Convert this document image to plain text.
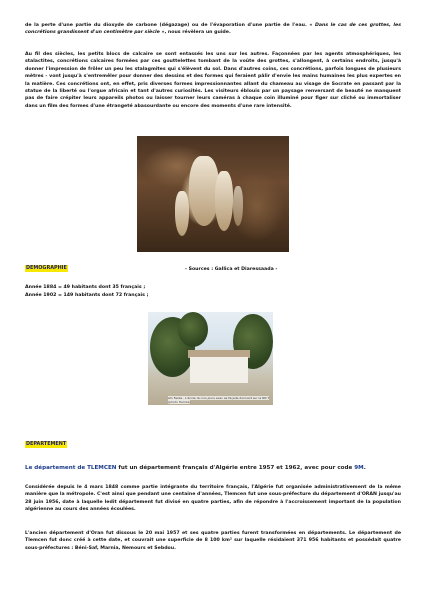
de la perte d'une partie du dioxyde de carbone (dégazage) ou de l'évaporation d'une partie de l'eau. « Dans le cas de ces grottes, les concrétions grandissent d'un centimètre par siècle », nous révèlera un guide.

Au fil des siècles, les petits blocs de calcaire se sont entassés les uns sur les autres. Façonnées par les agents atmosphériques, les stalactites, concrétions calcaires formées par ces gouttelettes tombant de la voûte des grottes, s'allongent, à certains endroits, jusqu'à donner l'impression de frôler un peu les stalagmites qui s'élèvent du sol. Dans d'autres coins, ces concrétions, parfois longues de plusieurs mètres - vont jusqu'à s'entremêler pour donner des dessins et des formes qui feraient pâlir d'envie les mains humaines les plus expertes en la matière. Ces concrétions ont, en effet, pris diverses formes impressionnantes allant du chameau au visage de Socrate en passant par la statue de la liberté ou l'orgue africain et tant d'autres curiosités. Les visiteurs éblouis par un paysage renversant de beauté ne manquent pas de faire crépiter leurs appareils photos ou laisser tourner leurs caméras à chaque coin illuminé pour figer sur cliché ou immortaliser dans un film des formes d'une étrangeté abasourdante ou encore des moments d'une rare intensité.

DEMOGRAPHIE	- Sources : Gallica et Diaressaada -
Année 1884 = 49 habitants dont 35 français ;
Année 1902 = 149 habitants dont 72 français ;
Aïn Fezza - L'école du nos jours avec sa façade donnant sur la RN 7
(photo Hamza)
DEPARTEMENT
Le département de TLEMCEN fut un département français d'Algérie entre 1957 et 1962, avec pour code 9M.

Considérée depuis le 4 mars 1848 comme partie intégrante du territoire français, l'Algérie fut organisée administrativement de la même manière que la métropole. C'est ainsi que pendant une centaine d'années, Tlemcen fut une sous-préfecture du département d'ORAN jusqu'au 28 juin 1956, date à laquelle ledit département fut divisé en quatre parties, afin de répondre à l'accroissement important de la population algérienne au cours des années écoulées.

L'ancien département d'Oran fut dissous le 20 mai 1957 et ses quatre parties furent transformées en départements. Le département de Tlemcen fut donc créé à cette date, et couvrait une superficie de 8 100 km² sur laquelle résidaient 371 956 habitants et possédait quatre sous-préfectures : Béni-Saf, Marnia, Nemours et Sebdou.
